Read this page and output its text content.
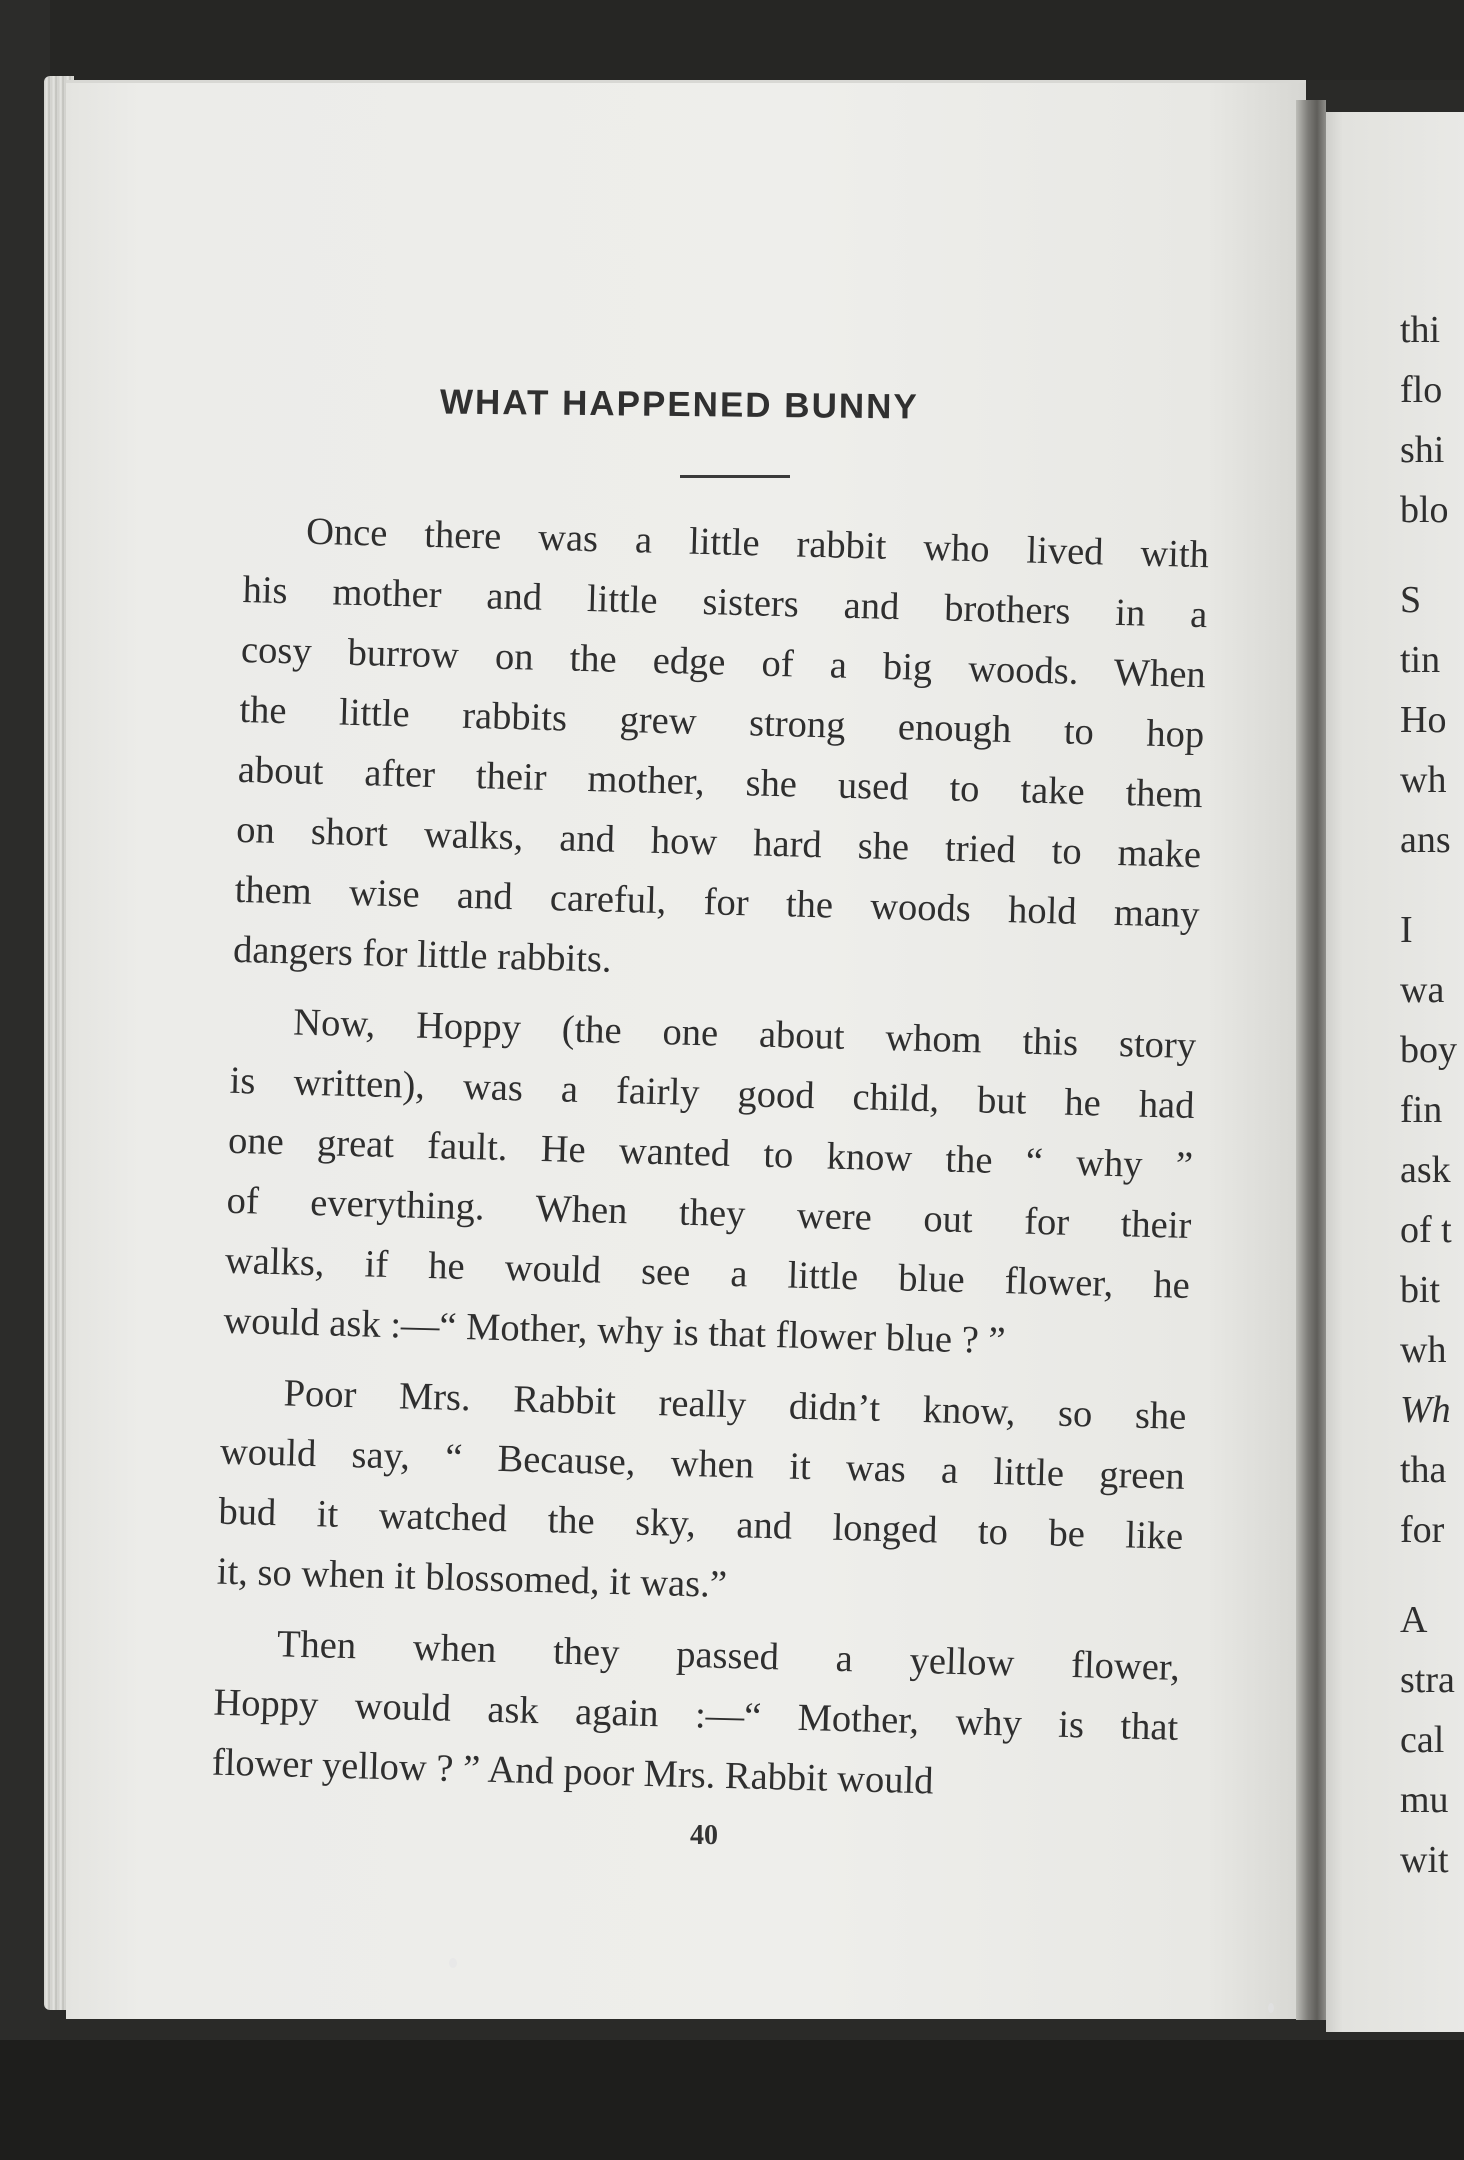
WHAT HAPPENED BUNNY
Once there was a little rabbit who lived with
his mother and little sisters and brothers in a
cosy burrow on the edge of a big woods. When
the little rabbits grew strong enough to hop
about after their mother, she used to take them
on short walks, and how hard she tried to make
them wise and careful, for the woods hold many
dangers for little rabbits.
Now, Hoppy (the one about whom this story
is written), was a fairly good child, but he had
one great fault. He wanted to know the “ why ”
of everything. When they were out for their
walks, if he would see a little blue flower, he
would ask :—“ Mother, why is that flower blue ? ”
Poor Mrs. Rabbit really didn’t know, so she
would say, “ Because, when it was a little green
bud it watched the sky, and longed to be like
it, so when it blossomed, it was.”
Then when they passed a yellow flower,
Hoppy would ask again :—“ Mother, why is that
flower yellow ? ” And poor Mrs. Rabbit would
40
thi
flo
shi
blo
S
tin
Ho
wh
ans
I
wa
boy
fin
ask
of t
bit
wh
Wh
tha
for
A
stra
cal
mu
wit
